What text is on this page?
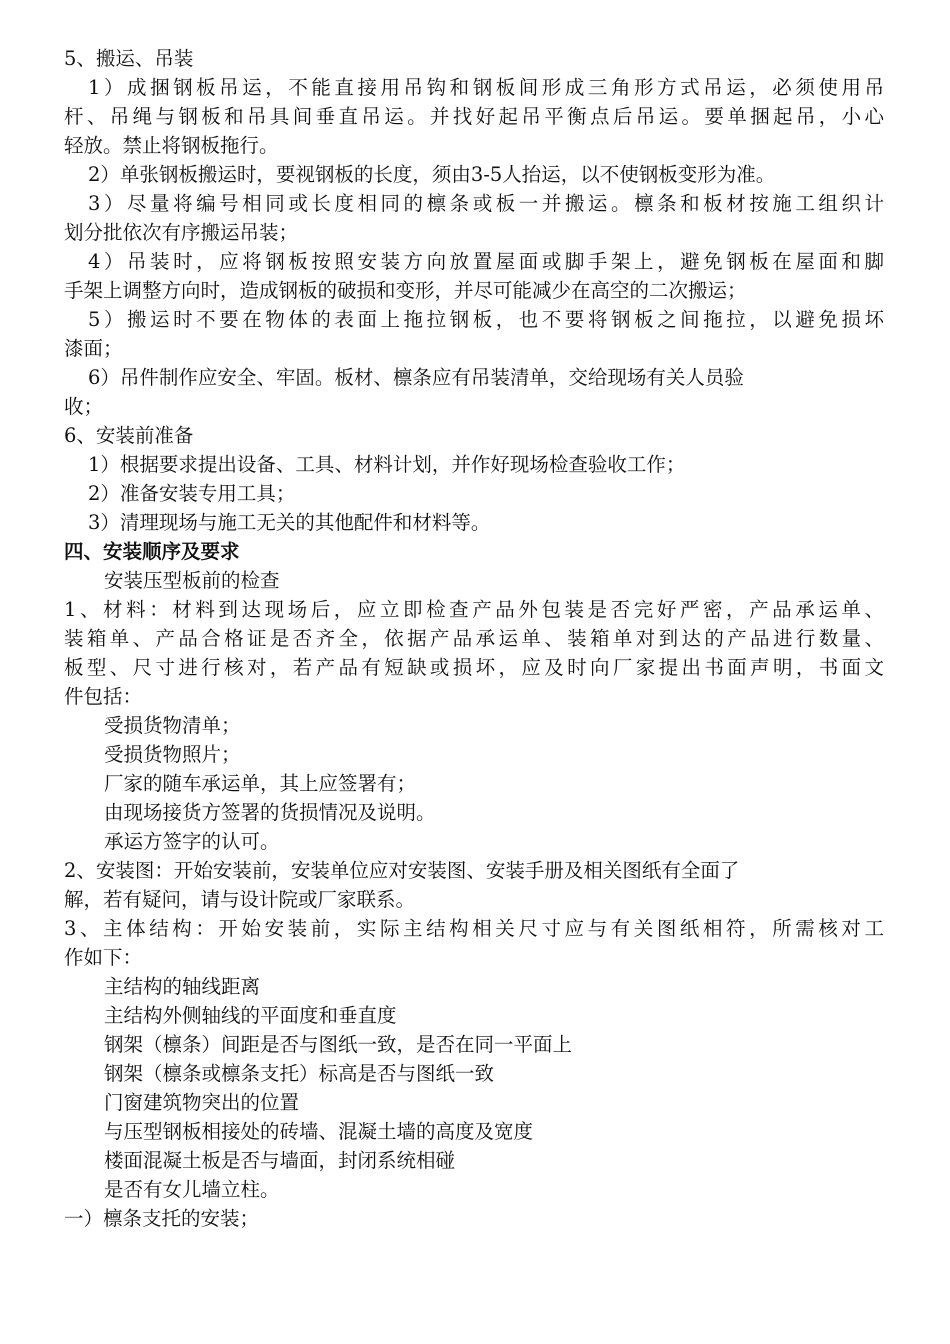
5、搬运、吊装
1）成捆钢板吊运，不能直接用吊钩和钢板间形成三角形方式吊运，必须使用吊
杆、吊绳与钢板和吊具间垂直吊运。并找好起吊平衡点后吊运。要单捆起吊，小心
轻放。禁止将钢板拖行。
2）单张钢板搬运时，要视钢板的长度，须由3-5人抬运，以不使钢板变形为准。
3）尽量将编号相同或长度相同的檩条或板一并搬运。檩条和板材按施工组织计
划分批依次有序搬运吊装；
4）吊装时，应将钢板按照安装方向放置屋面或脚手架上，避免钢板在屋面和脚
手架上调整方向时，造成钢板的破损和变形，并尽可能减少在高空的二次搬运；
5）搬运时不要在物体的表面上拖拉钢板，也不要将钢板之间拖拉，以避免损坏
漆面；
6）吊件制作应安全、牢固。板材、檩条应有吊装清单，交给现场有关人员验
收；
6、安装前准备
1）根据要求提出设备、工具、材料计划，并作好现场检查验收工作；
2）准备安装专用工具；
3）清理现场与施工无关的其他配件和材料等。
四、安装顺序及要求
安装压型板前的检查
1、材料：材料到达现场后，应立即检查产品外包装是否完好严密，产品承运单、
装箱单、产品合格证是否齐全，依据产品承运单、装箱单对到达的产品进行数量、
板型、尺寸进行核对，若产品有短缺或损坏，应及时向厂家提出书面声明，书面文
件包括：
受损货物清单；
受损货物照片；
厂家的随车承运单，其上应签署有；
由现场接货方签署的货损情况及说明。
承运方签字的认可。
2、安装图：开始安装前，安装单位应对安装图、安装手册及相关图纸有全面了
解，若有疑问，请与设计院或厂家联系。
3、主体结构：开始安装前，实际主结构相关尺寸应与有关图纸相符，所需核对工
作如下：
主结构的轴线距离
主结构外侧轴线的平面度和垂直度
钢架（檩条）间距是否与图纸一致，是否在同一平面上
钢架（檩条或檩条支托）标高是否与图纸一致
门窗建筑物突出的位置
与压型钢板相接处的砖墙、混凝土墙的高度及宽度
楼面混凝土板是否与墙面，封闭系统相碰
是否有女儿墙立柱。
一）檩条支托的安装；
